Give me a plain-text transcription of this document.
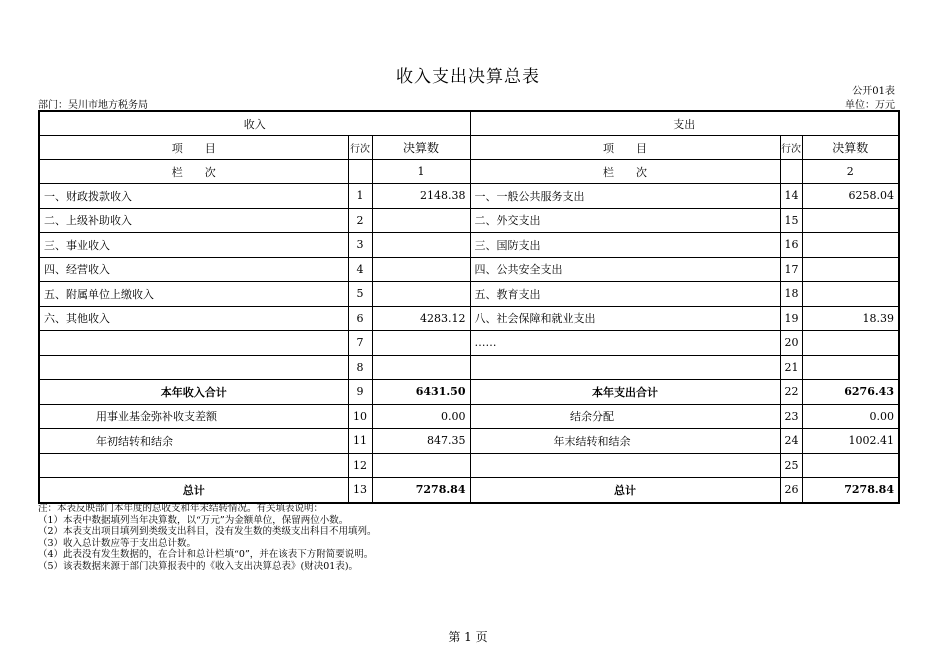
收入支出决算总表
公开01表
部门：吴川市地方税务局	单位：万元
收入			支出		
项　　目	行次	决算数	项　　目	行次	决算数
栏　　次		1	栏　　次		2
一、财政拨款收入	1	2148.38	一、一般公共服务支出	14	6258.04
二、上级补助收入	2		二、外交支出	15	
三、事业收入	3		三、国防支出	16	
四、经营收入	4		四、公共安全支出	17	
五、附属单位上缴收入	5		五、教育支出	18	
六、其他收入	6	4283.12	八、社会保障和就业支出	19	18.39
	7		……	20	
	8			21	
本年收入合计	9	6431.50	本年支出合计	22	6276.43
用事业基金弥补收支差额	10	0.00	结余分配	23	0.00
年初结转和结余	11	847.35	年末结转和结余	24	1002.41
	12			25	
总计	13	7278.84	总计	26	7278.84
注：本表反映部门本年度的总收支和年末结转情况。有关填表说明：
（1）本表中数据填列当年决算数，以“万元”为金额单位，保留两位小数。
（2）本表支出项目填列到类级支出科目，没有发生数的类级支出科目不用填列。
（3）收入总计数应等于支出总计数。
（4）此表没有发生数据的，在合计和总计栏填“0”，并在该表下方附简要说明。
（5）该表数据来源于部门决算报表中的《收入支出决算总表》(财决01表)。
第 1 页
